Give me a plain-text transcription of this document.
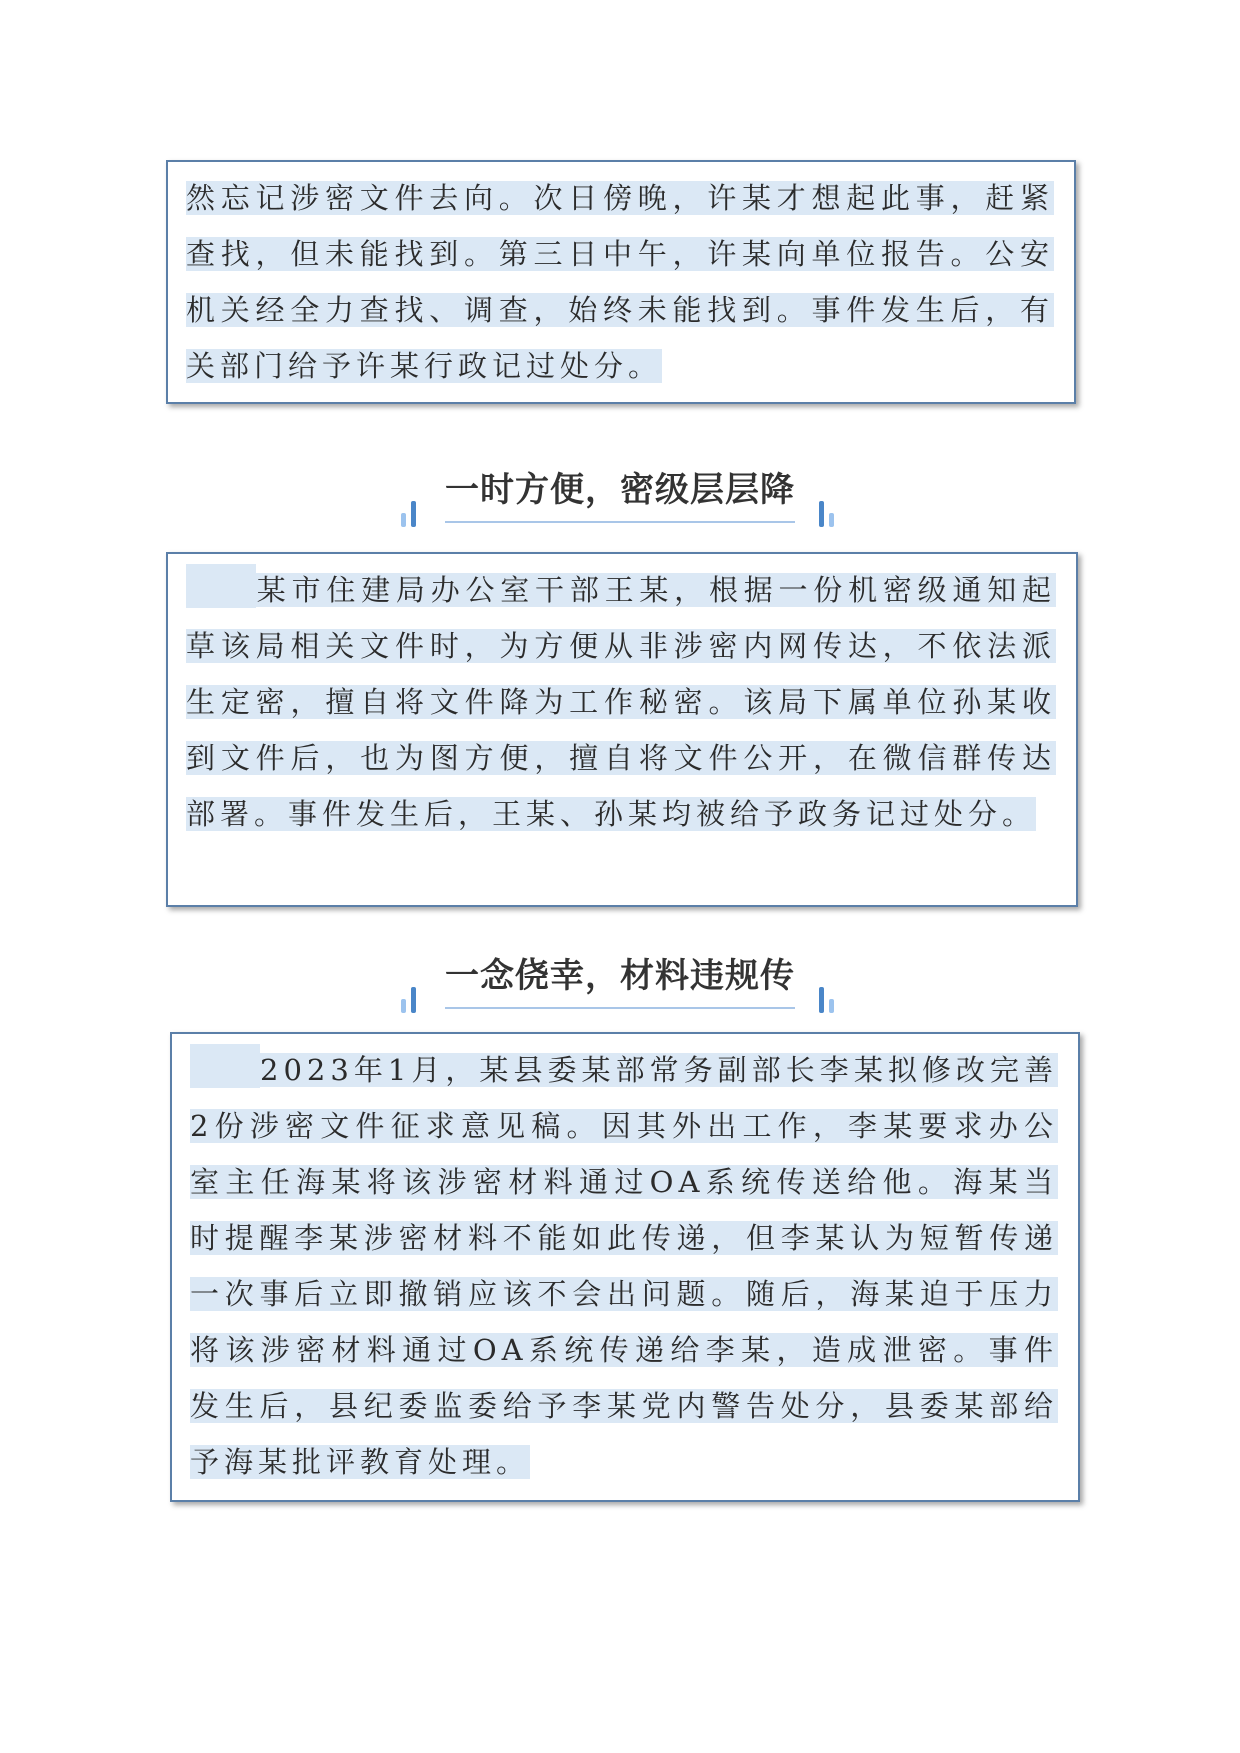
然忘记涉密文件去向。次日傍晚，许某才想起此事，赶紧查找，但未能找到。第三日中午，许某向单位报告。公安机关经全力查找、调查，始终未能找到。事件发生后，有关部门给予许某行政记过处分。
一时方便，密级层层降
某市住建局办公室干部王某，根据一份机密级通知起草该局相关文件时，为方便从非涉密内网传达，不依法派生定密，擅自将文件降为工作秘密。该局下属单位孙某收到文件后，也为图方便，擅自将文件公开，在微信群传达部署。事件发生后，王某、孙某均被给予政务记过处分。
一念侥幸，材料违规传
2023年1月，某县委某部常务副部长李某拟修改完善2份涉密文件征求意见稿。因其外出工作，李某要求办公室主任海某将该涉密材料通过OA系统传送给他。海某当时提醒李某涉密材料不能如此传递，但李某认为短暂传递一次事后立即撤销应该不会出问题。随后，海某迫于压力将该涉密材料通过OA系统传递给李某，造成泄密。事件发生后，县纪委监委给予李某党内警告处分，县委某部给予海某批评教育处理。
